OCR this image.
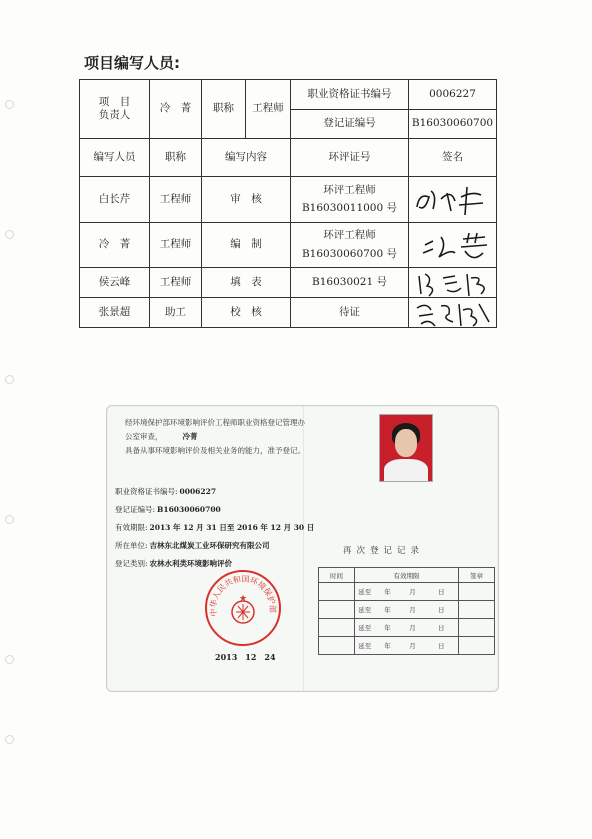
项目编写人员:
项　目
负责人	冷　菁	职称	工程师	职业资格证书编号	0006227
				登记证编号	B16030060700
编写人员	职称	编写内容		环评证号	签名
白长芹	工程师	审　核		环评工程师
B16030011000 号

冷　菁	工程师	编　制		环评工程师
B16030060700 号

侯云峰	工程师	填　表		B16030021 号	

张景超	助工	校　核		待证	
经环境保护部环境影响评价工程师职业资格登记管理办公室审查，	冷菁
具备从事环境影响评价及相关业务的能力，准予登记。
职业资格证书编号: 0006227
登记证编号: B16030060700
有效期限: 2013 年 12 月 31 日至 2016 年 12 月 30 日
所在单位: 吉林东北煤炭工业环保研究有限公司
登记类别: 农林水利类环境影响评价
中华人民共和国环境保护部
★
2013　12　24
再次登记记录
时间	有效期限				签章
	延至	年	月	日	
	延至	年	月	日	
	延至	年	月	日	
	延至	年	月	日	
